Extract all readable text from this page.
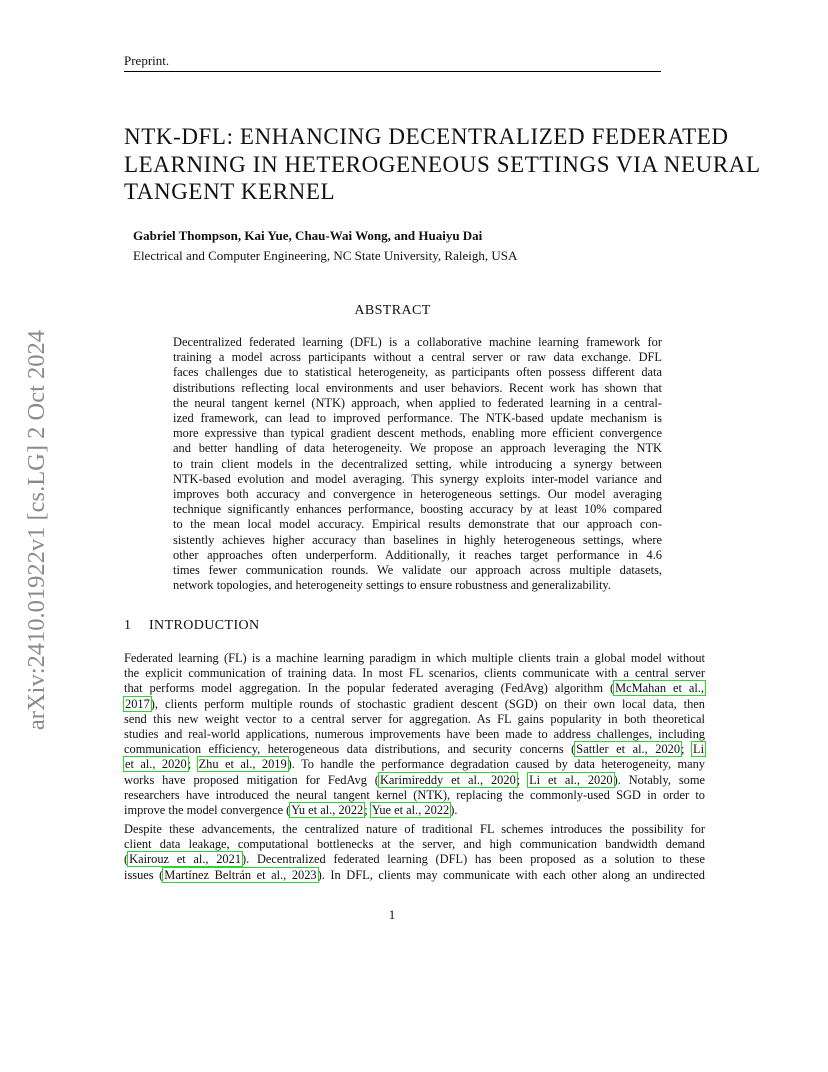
Preprint.
arXiv:2410.01922v1 [cs.LG] 2 Oct 2024
NTK-DFL: ENHANCING DECENTRALIZED FEDERATED
LEARNING IN HETEROGENEOUS SETTINGS VIA NEURAL
TANGENT KERNEL
Gabriel Thompson, Kai Yue, Chau-Wai Wong, and Huaiyu Dai
Electrical and Computer Engineering, NC State University, Raleigh, USA
ABSTRACT
Decentralized federated learning (DFL) is a collaborative machine learning framework for
training a model across participants without a central server or raw data exchange. DFL
faces challenges due to statistical heterogeneity, as participants often possess different data
distributions reflecting local environments and user behaviors. Recent work has shown that
the neural tangent kernel (NTK) approach, when applied to federated learning in a central-
ized framework, can lead to improved performance. The NTK-based update mechanism is
more expressive than typical gradient descent methods, enabling more efficient convergence
and better handling of data heterogeneity. We propose an approach leveraging the NTK
to train client models in the decentralized setting, while introducing a synergy between
NTK-based evolution and model averaging. This synergy exploits inter-model variance and
improves both accuracy and convergence in heterogeneous settings. Our model averaging
technique significantly enhances performance, boosting accuracy by at least 10% compared
to the mean local model accuracy. Empirical results demonstrate that our approach con-
sistently achieves higher accuracy than baselines in highly heterogeneous settings, where
other approaches often underperform. Additionally, it reaches target performance in 4.6
times fewer communication rounds. We validate our approach across multiple datasets,
network topologies, and heterogeneity settings to ensure robustness and generalizability.
1 INTRODUCTION
Federated learning (FL) is a machine learning paradigm in which multiple clients train a global model without
the explicit communication of training data. In most FL scenarios, clients communicate with a central server
that performs model aggregation. In the popular federated averaging (FedAvg) algorithm (McMahan et al.,
2017), clients perform multiple rounds of stochastic gradient descent (SGD) on their own local data, then
send this new weight vector to a central server for aggregation. As FL gains popularity in both theoretical
studies and real-world applications, numerous improvements have been made to address challenges, including
communication efficiency, heterogeneous data distributions, and security concerns (Sattler et al., 2020; Li
et al., 2020; Zhu et al., 2019). To handle the performance degradation caused by data heterogeneity, many
works have proposed mitigation for FedAvg (Karimireddy et al., 2020; Li et al., 2020). Notably, some
researchers have introduced the neural tangent kernel (NTK), replacing the commonly-used SGD in order to
improve the model convergence (Yu et al., 2022; Yue et al., 2022).
Despite these advancements, the centralized nature of traditional FL schemes introduces the possibility for
client data leakage, computational bottlenecks at the server, and high communication bandwidth demand
(Kairouz et al., 2021). Decentralized federated learning (DFL) has been proposed as a solution to these
issues (Martínez Beltrán et al., 2023). In DFL, clients may communicate with each other along an undirected
1
